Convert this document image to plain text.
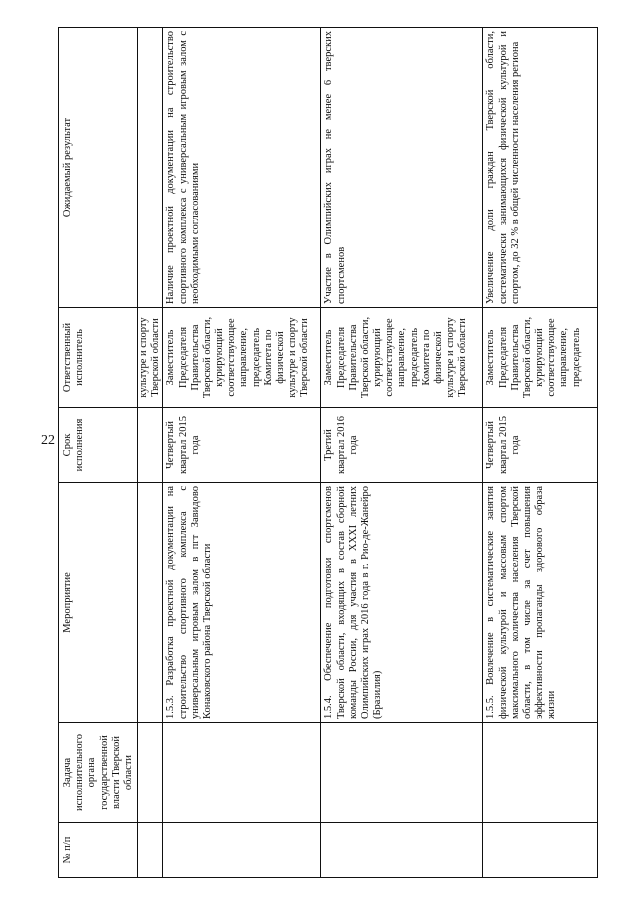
22
№ п/п	Задача исполнительного органа государственной власти Тверской области	Мероприятие	Срок исполнения	Ответственный исполнитель	Ожидаемый результат
				культуре и спорту Тверской области	
		1.5.3. Разработка проектной документации на строительство спортивного комплекса с универсальным игровым залом в пгт Завидово Конаковского района Тверской области	Четвертый квартал 2015 года	Заместитель Председателя Правительства Тверской области, курирующий соответствующее направление, председатель Комитета по физической культуре и спорту Тверской области	Наличие проектной документации на строительство спортивного комплекса с универсальным игровым залом с необходимыми согласованиями
		1.5.4. Обеспечение подготовки спортсменов Тверской области, входящих в состав сборной команды России, для участия в XXXI летних Олимпийских играх 2016 года в г. Рио-де-Жанейро (Бразилия)	Третий квартал 2016 года	Заместитель Председателя Правительства Тверской области, курирующий соответствующее направление, председатель Комитета по физической культуре и спорту Тверской области	Участие в Олимпийских играх не менее 6 тверских спортсменов
		1.5.5. Вовлечение в систематические занятия физической культурой и массовым спортом максимального количества населения Тверской области, в том числе за счет повышения эффективности пропаганды здорового образа жизни	Четвертый квартал 2015 года	Заместитель Председателя Правительства Тверской области, курирующий соответствующее направление, председатель	Увеличение доли граждан Тверской области, систематически занимающихся физической культурой и спортом, до 32 % в общей численности населения региона
